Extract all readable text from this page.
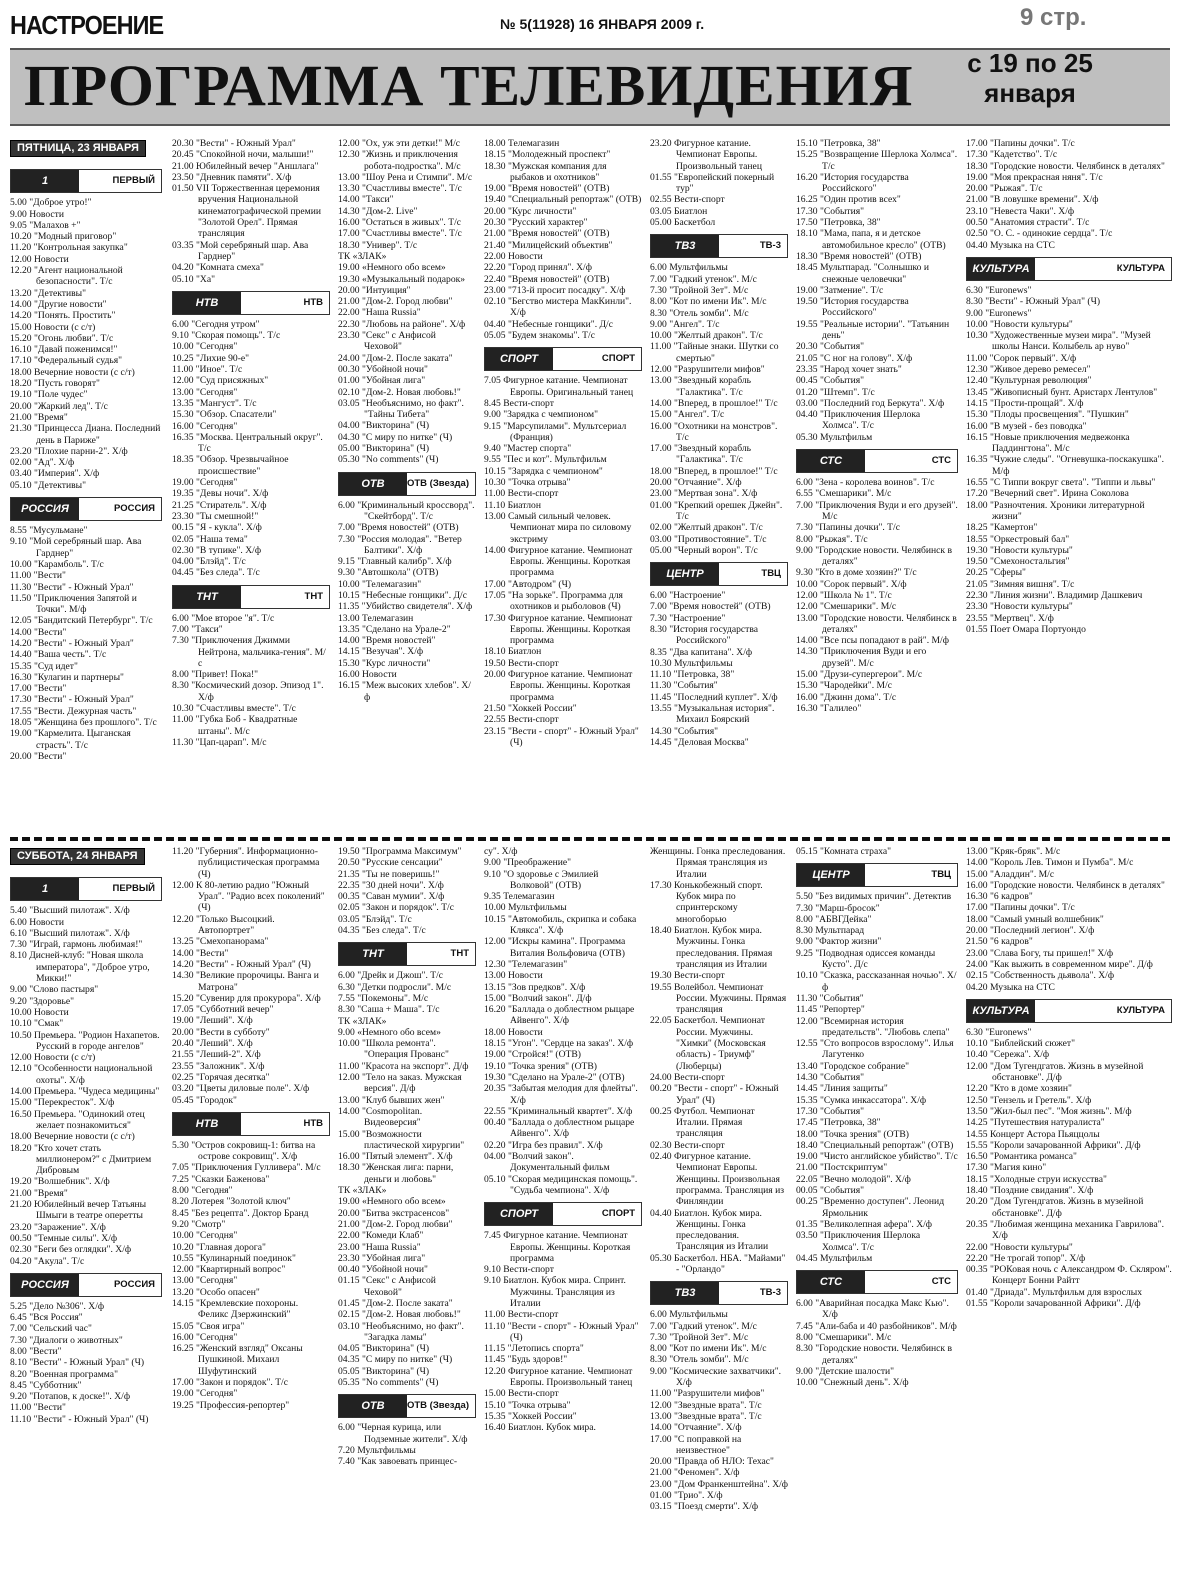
НАСТРОЕНИЕ	№ 5(11928) 16 ЯНВАРЯ 2009 г.	9 стр.
ПРОГРАММА ТЕЛЕВИДЕНИЯ с 19 по 25
января
ПЯТНИЦА, 23 ЯНВАРЯ
1	ПЕРВЫЙ

5.00 "Доброе утро!"

9.00 Новости

9.05 "Малахов +"

10.20 "Модный приговор"

11.20 "Контрольная закупка"

12.00 Новости

12.20 "Агент национальной безопасности". Т/с

13.20 "Детективы"

14.00 "Другие новости"

14.20 "Понять. Простить"

15.00 Новости (с с/т)

15.20 "Огонь любви". Т/с

16.10 "Давай поженимся!"

17.10 "Федеральный судья"

18.00 Вечерние новости (с с/т)

18.20 "Пусть говорят"

19.10 "Поле чудес"

20.00 "Жаркий лед". Т/с

21.00 "Время"

21.30 "Принцесса Диана. Последний день в Париже"

23.20 "Плохие парни-2". Х/ф

02.00 "Ад". Х/ф

03.40 "Империя". Х/ф

05.10 "Детективы"

РОССИЯ	РОССИЯ

8.55 "Мусульмане"

9.10 "Мой серебряный шар. Ава Гарднер"

10.00 "Карамболь". Т/с

11.00 "Вести"

11.30 "Вести" - Южный Урал"

11.50 "Приключения Запятой и Точки". М/ф

12.05 "Бандитский Петербург". Т/с

14.00 "Вести"

14.20 "Вести" - Южный Урал"

14.40 "Ваша честь". Т/с

15.35 "Суд идет"

16.30 "Кулагин и партнеры"

17.00 "Вести"

17.30 "Вести" - Южный Урал"

17.55 "Вести. Дежурная часть"

18.05 "Женщина без прошлого". Т/с

19.00 "Кармелита. Цыганская страсть". Т/с

20.00 "Вести"

20.30 "Вести" - Южный Урал"

20.45 "Спокойной ночи, малыши!"

21.00 Юбилейный вечер "Аншлага"

23.50 "Дневник памяти". Х/ф

01.50 VII Торжественная церемония вручения Национальной кинематографической премии "Золотой Орел". Прямая трансляция

03.35 "Мой серебряный шар. Ава Гарднер"

04.20 "Комната смеха"

05.10 "Ха"

НТВ	НТВ

6.00 "Сегодня утром"

9.10 "Скорая помощь". Т/с

10.00 "Сегодня"

10.25 "Лихие 90-е"

11.00 "Иное". Т/с

12.00 "Суд присяжных"

13.00 "Сегодня"

13.35 "Мангуст". Т/с

15.30 "Обзор. Спасатели"

16.00 "Сегодня"

16.35 "Москва. Центральный округ". Т/с

18.35 "Обзор. Чрезвычайное происшествие"

19.00 "Сегодня"

19.35 "Девы ночи". Х/ф

21.25 "Стиратель". Х/ф

23.30 "Ты смешной!"

00.15 "Я - кукла". Х/ф

02.05 "Наша тема"

02.30 "В тупике". Х/ф

04.00 "Блэйд". Т/с

04.45 "Без следа". Т/с

ТНТ	ТНТ

6.00 "Мое второе "я". Т/с

7.00 "Такси"

7.30 "Приключения Джимми Нейтрона, мальчика-гения". М/с

8.00 "Привет! Пока!"

8.30 "Космический дозор. Эпизод 1". Х/ф

10.30 "Счастливы вместе". Т/с

11.00 "Губка Боб - Квадратные штаны". М/с

11.30 "Цап-царап". М/с

12.00 "Ох, уж эти детки!" М/с

12.30 "Жизнь и приключения робота-подростка". М/с

13.00 "Шоу Рена и Стимпи". М/с

13.30 "Счастливы вместе". Т/с

14.00 "Такси"

14.30 "Дом-2. Live"

16.00 "Остаться в живых". Т/с

17.00 "Счастливы вместе". Т/с

18.30 "Универ". Т/с

ТК «ЗЛАК»

19.00 «Немного обо всем»

19.30 «Музыкальный подарок»

20.00 "Интуиция"

21.00 "Дом-2. Город любви"

22.00 "Наша Russia"

22.30 "Любовь на районе". Х/ф

23.30 "Секс" с Анфисой Чеховой"

24.00 "Дом-2. После заката"

00.30 "Убойной ночи"

01.00 "Убойная лига"

02.10 "Дом-2. Новая любовь!"

03.05 "Необъяснимо, но факт". "Тайны Тибета"

04.00 "Викторина" (Ч)

04.30 "С миру по нитке" (Ч)

05.00 "Викторина" (Ч)

05.30 "No comments" (Ч)

ОТВ	ОТВ (Звезда)

6.00 "Криминальный кроссворд". "Скейтборд". Т/с

7.00 "Время новостей" (ОТВ)

7.30 "Россия молодая". "Ветер Балтики". Х/ф

9.15 "Главный калибр". Х/ф

9.30 "Автошкола" (ОТВ)

10.00 "Телемагазин"

10.15 "Небесные гонщики". Д/с

11.35 "Убийство свидетеля". Х/ф

13.00 Телемагазин

13.35 "Сделано на Урале-2"

14.00 "Время новостей"

14.15 "Везучая". Х/ф

15.30 "Курс личности"

16.00 Новости

16.15 "Меж высоких хлебов". Х/ф

18.00 Телемагазин

18.15 "Молодежный проспект"

18.30 "Мужская компания для рыбаков и охотников"

19.00 "Время новостей" (ОТВ)

19.40 "Специальный репортаж" (ОТВ)

20.00 "Курс личности"

20.30 "Русский характер"

21.00 "Время новостей" (ОТВ)

21.40 "Милицейский объектив"

22.00 Новости

22.20 "Город принял". Х/ф

22.40 "Время новостей" (ОТВ)

23.00 "713-й просит посадку". Х/ф

02.10 "Бегство мистера МакКинли". Х/ф

04.40 "Небесные гонщики". Д/с

05.05 "Будем знакомы". Т/с

СПОРТ	СПОРТ

7.05 Фигурное катание. Чемпионат Европы. Оригинальный танец

8.45 Вести-спорт

9.00 "Зарядка с чемпионом"

9.15 "Марсупилами". Мультсериал (Франция)

9.40 "Мастер спорта"

9.55 "Пес и кот". Мультфильм

10.15 "Зарядка с чемпионом"

10.30 "Точка отрыва"

11.00 Вести-спорт

11.10 Биатлон

13.00 Самый сильный человек. Чемпионат мира по силовому экстриму

14.00 Фигурное катание. Чемпионат Европы. Женщины. Короткая программа

17.00 "Автодром" (Ч)

17.05 "На зорьке". Программа для охотников и рыболовов (Ч)

17.30 Фигурное катание. Чемпионат Европы. Женщины. Короткая программа

18.10 Биатлон

19.50 Вести-спорт

20.00 Фигурное катание. Чемпионат Европы. Женщины. Короткая программа

21.50 "Хоккей России"

22.55 Вести-спорт

23.15 "Вести - спорт" - Южный Урал" (Ч)

23.20 Фигурное катание. Чемпионат Европы. Произвольный танец

01.55 "Европейский покерный тур"

02.55 Вести-спорт

03.05 Биатлон

05.00 Баскетбол

ТВ3	ТВ-3

6.00 Мультфильмы

7.00 "Гадкий утенок". М/с

7.30 "Тройной Зет". М/с

8.00 "Кот по имени Ик". М/с

8.30 "Отель зомби". М/с

9.00 "Ангел". Т/с

10.00 "Желтый дракон". Т/с

11.00 "Тайные знаки. Шутки со смертью"

12.00 "Разрушители мифов"

13.00 "Звездный корабль "Галактика". Т/с

14.00 "Вперед, в прошлое!" Т/с

15.00 "Ангел". Т/с

16.00 "Охотники на монстров". Т/с

17.00 "Звездный корабль "Галактика". Т/с

18.00 "Вперед, в прошлое!" Т/с

20.00 "Отчаяние". Х/ф

23.00 "Мертвая зона". Х/ф

01.00 "Крепкий орешек Джейн". Т/с

02.00 "Желтый дракон". Т/с

03.00 "Противостояние". Т/с

05.00 "Черный ворон". Т/с

ЦЕНТР	ТВЦ

6.00 "Настроение"

7.00 "Время новостей" (ОТВ)

7.30 "Настроение"

8.30 "История государства Российского"

8.35 "Два капитана". Х/ф

10.30 Мультфильмы

11.10 "Петровка, 38"

11.30 "События"

11.45 "Последний куплет". Х/ф

13.55 "Музыкальная история". Михаил Боярский

14.30 "События"

14.45 "Деловая Москва"

15.10 "Петровка, 38"

15.25 "Возвращение Шерлока Холмса". Т/с

16.20 "История государства Российского"

16.25 "Один против всех"

17.30 "События"

17.50 "Петровка, 38"

18.10 "Мама, папа, я и детское автомобильное кресло" (ОТВ)

18.30 "Время новостей" (ОТВ)

18.45 Мультпарад. "Солнышко и снежные человечки"

19.00 "Затмение". Т/с

19.50 "История государства Российского"

19.55 "Реальные истории". "Татьянин день"

20.30 "События"

21.05 "С ног на голову". Х/ф

23.35 "Народ хочет знать"

00.45 "События"

01.20 "Штемп". Т/с

03.00 "Последний год Беркута". Х/ф

04.40 "Приключения Шерлока Холмса". Т/с

05.30 Мультфильм

СТС	СТС

6.00 "Зена - королева воинов". Т/с

6.55 "Смешарики". М/с

7.00 "Приключения Вуди и его друзей". М/с

7.30 "Папины дочки". Т/с

8.00 "Рыжая". Т/с

9.00 "Городские новости. Челябинск в деталях"

9.30 "Кто в доме хозяин?" Т/с

10.00 "Сорок первый". Х/ф

12.00 "Школа № 1". Т/с

12.00 "Смешарики". М/с

13.00 "Городские новости. Челябинск в деталях"

14.00 "Все псы попадают в рай". М/ф

14.30 "Приключения Вуди и его друзей". М/с

15.00 "Друзи-супергерои". М/с

15.30 "Чародейки". М/с

16.00 "Джинн дома". Т/с

16.30 "Галилео"

17.00 "Папины дочки". Т/с

17.30 "Кадетство". Т/с

18.30 "Городские новости. Челябинск в деталях"

19.00 "Моя прекрасная няня". Т/с

20.00 "Рыжая". Т/с

21.00 "В ловушке времени". Х/ф

23.10 "Невеста Чаки". Х/ф

00.50 "Анатомия страсти". Т/с

02.50 "О. С. - одинокие сердца". Т/с

04.40 Музыка на СТС

КУЛЬТУРА	КУЛЬТУРА

6.30 "Euronews"

8.30 "Вести" - Южный Урал" (Ч)

9.00 "Euronews"

10.00 "Новости культуры"

10.30 "Художественные музеи мира". "Музей школы Нанси. Колыбель ар нуво"

11.00 "Сорок первый". Х/ф

12.30 "Живое дерево ремесел"

12.40 "Культурная революция"

13.45 "Живописный бунт. Аристарх Лентулов"

14.15 "Прости-прощай". Х/ф

15.30 "Плоды просвещения". "Пушкин"

16.00 "В музей - без поводка"

16.15 "Новые приключения медвежонка Паддингтона". М/с

16.35 "Чужие следы". "Огневушка-поскакушка". М/ф

16.55 "С Типпи вокруг света". "Типпи и львы"

17.20 "Вечерний свет". Ирина Соколова

18.00 "Разночтения. Хроники литературной жизни"

18.25 "Камертон"

18.55 "Оркестровый бал"

19.30 "Новости культуры"

19.50 "Смехоностальгия"

20.25 "Сферы"

21.05 "Зимняя вишня". Т/с

22.30 "Линия жизни". Владимир Дашкевич

23.30 "Новости культуры"

23.55 "Мертвец". Х/ф

01.55 Поет Омара Портуондо

СУББОТА, 24 ЯНВАРЯ
1	ПЕРВЫЙ

5.40 "Высший пилотаж". Х/ф

6.00 Новости

6.10 "Высший пилотаж". Х/ф

7.30 "Играй, гармонь любимая!"

8.10 Дисней-клуб: "Новая школа императора", "Доброе утро, Микки!"

9.00 "Слово пастыря"

9.20 "Здоровье"

10.00 Новости

10.10 "Смак"

10.50 Премьера. "Родион Нахапетов. Русский в городе ангелов"

12.00 Новости (с с/т)

12.10 "Особенности национальной охоты". Х/ф

14.00 Премьера. "Чудеса медицины"

15.00 "Перекресток". Х/ф

16.50 Премьера. "Одинокий отец желает познакомиться"

18.00 Вечерние новости (с с/т)

18.20 "Кто хочет стать миллионером?" с Дмитрием Дибровым

19.20 "Волшебник". Х/ф

21.00 "Время"

21.20 Юбилейный вечер Татьяны Шмыги в театре оперетты

23.20 "Заражение". Х/ф

00.50 "Темные силы". Х/ф

02.30 "Беги без оглядки". Х/ф

04.20 "Акула". Т/с

РОССИЯ	РОССИЯ

5.25 "Дело №306". Х/ф

6.45 "Вся Россия"

7.00 "Сельский час"

7.30 "Диалоги о животных"

8.00 "Вести"

8.10 "Вести" - Южный Урал" (Ч)

8.20 "Военная программа"

8.45 "Субботник"

9.20 "Потапов, к доске!". Х/ф

11.00 "Вести"

11.10 "Вести" - Южный Урал" (Ч)

11.20 "Губерния". Информационно-публицистическая программа (Ч)

12.00 К 80-летию радио "Южный Урал". "Радио всех поколений" (Ч)

12.20 "Только Высоцкий. Автопортрет"

13.25 "Смехопанорама"

14.00 "Вести"

14.20 "Вести" - Южный Урал" (Ч)

14.30 "Великие пророчицы. Ванга и Матрона"

15.20 "Сувенир для прокурора". Х/ф

17.05 "Субботний вечер"

19.00 "Леший". Х/ф

20.00 "Вести в субботу"

20.40 "Леший". Х/ф

21.55 "Леший-2". Х/ф

23.55 "Заложник". Х/ф

02.25 "Горячая десятка"

03.20 "Цветы диловые поле". Х/ф

05.45 "Городок"

НТВ	НТВ

5.30 "Остров сокровищ-1: битва на острове сокровищ". Х/ф

7.05 "Приключения Гулливера". М/с

7.25 "Сказки Баженова"

8.00 "Сегодня"

8.20 Лотерея "Золотой ключ"

8.45 "Без рецепта". Доктор Бранд

9.20 "Смотр"

10.00 "Сегодня"

10.20 "Главная дорога"

10.55 "Кулинарный поединок"

12.00 "Квартирный вопрос"

13.00 "Сегодня"

13.20 "Особо опасен"

14.15 "Кремлевские похороны. Феликс Дзержинский"

15.05 "Своя игра"

16.00 "Сегодня"

16.25 "Женский взгляд" Оксаны Пушкиной. Михаил Шуфутинский

17.00 "Закон и порядок". Т/с

19.00 "Сегодня"

19.25 "Профессия-репортер"

19.50 "Программа Максимум"

20.50 "Русские сенсации"

21.35 "Ты не поверишь!"

22.35 "30 дней ночи". Х/ф

00.35 "Саван мумии". Х/ф

02.05 "Закон и порядок". Т/с

03.05 "Блэйд". Т/с

04.35 "Без следа". Т/с

ТНТ	ТНТ

6.00 "Дрейк и Джош". Т/с

6.30 "Детки подросли". М/с

7.55 "Покемоны". М/с

8.30 "Саша + Маша". Т/с

ТК «ЗЛАК»

9.00 «Немного обо всем»

10.00 "Школа ремонта". "Операция Прованс"

11.00 "Красота на экспорт". Д/ф

12.00 "Тело на заказ. Мужская версия". Д/ф

13.00 "Клуб бывших жен"

14.00 "Cosmopolitan. Видеоверсия"

15.00 "Возможности пластической хирургии"

16.00 "Пятый элемент". Х/ф

18.30 "Женская лига: парни, деньги и любовь"

ТК «ЗЛАК»

19.00 «Немного обо всем»

20.00 "Битва экстрасенсов"

21.00 "Дом-2. Город любви"

22.00 "Комеди Клаб"

23.00 "Наша Russia"

23.30 "Убойная лига"

00.40 "Убойной ночи"

01.15 "Секс" с Анфисой Чеховой"

01.45 "Дом-2. После заката"

02.15 "Дом-2. Новая любовь!"

03.10 "Необъяснимо, но факт". "Загадка ламы"

04.05 "Викторина" (Ч)

04.35 "С миру по нитке" (Ч)

05.05 "Викторина" (Ч)

05.35 "No comments" (Ч)

ОТВ	ОТВ (Звезда)

6.00 "Черная курица, или Подземные жители". Х/ф

7.20 Мультфильмы

7.40 "Как завоевать принцес-

су". Х/ф

9.00 "Преображение"

9.10 "О здоровье с Эмилией Волковой" (ОТВ)

9.35 Телемагазин

10.00 Мультфильмы

10.15 "Автомобиль, скрипка и собака Клякса". Х/ф

12.00 "Искры камина". Программа Виталия Вольфовича (ОТВ)

12.30 "Телемагазин"

13.00 Новости

13.15 "Зов предков". Х/ф

15.00 "Волчий закон". Д/ф

16.20 "Баллада о доблестном рыцаре Айвенго". Х/ф

18.00 Новости

18.15 "Угон". "Сердце на заказ". Х/ф

19.00 "Стройся!" (ОТВ)

19.10 "Точка зрения" (ОТВ)

19.30 "Сделано на Урале-2" (ОТВ)

20.35 "Забытая мелодия для флейты". Х/ф

22.55 "Криминальный квартет". Х/ф

00.40 "Баллада о доблестном рыцаре Айвенго". Х/ф

02.20 "Игра без правил". Х/ф

04.00 "Волчий закон". Документальный фильм

05.10 "Скорая медицинская помощь". "Судьба чемпиона". Х/ф

СПОРТ	СПОРТ

7.45 Фигурное катание. Чемпионат Европы. Женщины. Короткая программа

9.10 Вести-спорт

9.10 Биатлон. Кубок мира. Спринт. Мужчины. Трансляция из Италии

11.00 Вести-спорт

11.10 "Вести - спорт" - Южный Урал" (Ч)

11.15 "Летопись спорта"

11.45 "Будь здоров!"

12.20 Фигурное катание. Чемпионат Европы. Произвольный танец

15.00 Вести-спорт

15.10 "Точка отрыва"

15.35 "Хоккей России"

16.40 Биатлон. Кубок мира.

Женщины. Гонка преследования. Прямая трансляция из Италии

17.30 Конькобежный спорт. Кубок мира по спринтерскому многоборью

18.40 Биатлон. Кубок мира. Мужчины. Гонка преследования. Прямая трансляция из Италии

19.30 Вести-спорт

19.55 Волейбол. Чемпионат России. Мужчины. Прямая трансляция

22.05 Баскетбол. Чемпионат России. Мужчины. "Химки" (Московская область) - Триумф" (Люберцы)

24.00 Вести-спорт

00.20 "Вести - спорт" - Южный Урал" (Ч)

00.25 Футбол. Чемпионат Италии. Прямая трансляция

02.30 Вести-спорт

02.40 Фигурное катание. Чемпионат Европы. Женщины. Произвольная программа. Трансляция из Финляндии

04.40 Биатлон. Кубок мира. Женщины. Гонка преследования. Трансляция из Италии

05.30 Баскетбол. НБА. "Майами" - "Орландо"

ТВ3	ТВ-3

6.00 Мультфильмы

7.00 "Гадкий утенок". М/с

7.30 "Тройной Зет". М/с

8.00 "Кот по имени Ик". М/с

8.30 "Отель зомби". М/с

9.00 "Космические захватчики". Х/ф

11.00 "Разрушители мифов"

12.00 "Звездные врата". Т/с

13.00 "Звездные врата". Т/с

14.00 "Отчаяние". Х/ф

17.00 "С поправкой на неизвестное"

20.00 "Правда об НЛО: Техас"

21.00 "Феномен". Х/ф

23.00 "Дом Франкенштейна". Х/ф

01.00 "Трио". Х/ф

03.15 "Поезд смерти". Х/ф

05.15 "Комната страха"

ЦЕНТР	ТВЦ

5.50 "Без видимых причин". Детектив

7.30 "Марш-бросок"

8.00 "АБВГДейка"

8.30 Мультпарад

9.00 "Фактор жизни"

9.25 "Подводная одиссея команды Кусто". Д/с

10.10 "Сказка, рассказанная ночью". Х/ф

11.30 "События"

11.45 "Репортер"

12.00 "Всемирная история предательств". "Любовь слепа"

12.55 "Сто вопросов взрослому". Илья Лагутенко

13.40 "Городское собрание"

14.30 "События"

14.45 "Линия защиты"

15.35 "Сумка инкассатора". Х/ф

17.30 "События"

17.45 "Петровка, 38"

18.00 "Точка зрения" (ОТВ)

18.40 "Специальный репортаж" (ОТВ)

19.00 "Чисто английское убийство". Т/с

21.00 "Постскриптум"

22.05 "Вечно молодой". Х/ф

00.05 "События"

00.25 "Временно доступен". Леонид Ярмольник

01.35 "Великолепная афера". Х/ф

03.50 "Приключения Шерлока Холмса". Т/с

04.45 Мультфильм

СТС	СТС

6.00 "Аварийная посадка Макс Кью". Х/ф

7.45 "Али-баба и 40 разбойников". М/ф

8.00 "Смешарики". М/с

8.30 "Городские новости. Челябинск в деталях"

9.00 "Детские шалости"

10.00 "Снежный день". Х/ф

13.00 "Кряк-бряк". М/с

14.00 "Король Лев. Тимон и Пумба". М/с

15.00 "Аладдин". М/с

16.00 "Городские новости. Челябинск в деталях"

16.30 "6 кадров"

17.00 "Папины дочки". Т/с

18.00 "Самый умный волшебник"

20.00 "Последний легион". Х/ф

21.50 "6 кадров"

23.00 "Слава Богу, ты пришел!" Х/ф

24.00 "Как выжить в современном мире". Д/ф

02.15 "Собственность дьявола". Х/ф

04.20 Музыка на СТС

КУЛЬТУРА	КУЛЬТУРА

6.30 "Euronews"

10.10 "Библейский сюжет"

10.40 "Сережа". Х/ф

12.00 "Дом Тугендгатов. Жизнь в музейной обстановке". Д/ф

12.20 "Кто в доме хозяин"

12.50 "Гензель и Гретель". Х/ф

13.50 "Жил-был пес". "Моя жизнь". М/ф

14.25 "Путешествия натуралиста"

14.55 Концерт Астора Пьяццолы

15.55 "Короли зачарованной Африки". Д/ф

16.50 "Романтика романса"

17.30 "Магия кино"

18.15 "Холодные струи искусства"

18.40 "Поздние свидания". Х/ф

20.20 "Дом Тугендгатов. Жизнь в музейной обстановке". Д/ф

20.35 "Любимая женщина механика Гаврилова". Х/ф

22.00 "Новости культуры"

22.20 "Не трогай топор". Х/ф

00.35 "РОКовая ночь с Александром Ф. Скляром". Концерт Бонни Райтт

01.40 "Дриада". Мультфильм для взрослых

01.55 "Короли зачарованной Африки". Д/ф
